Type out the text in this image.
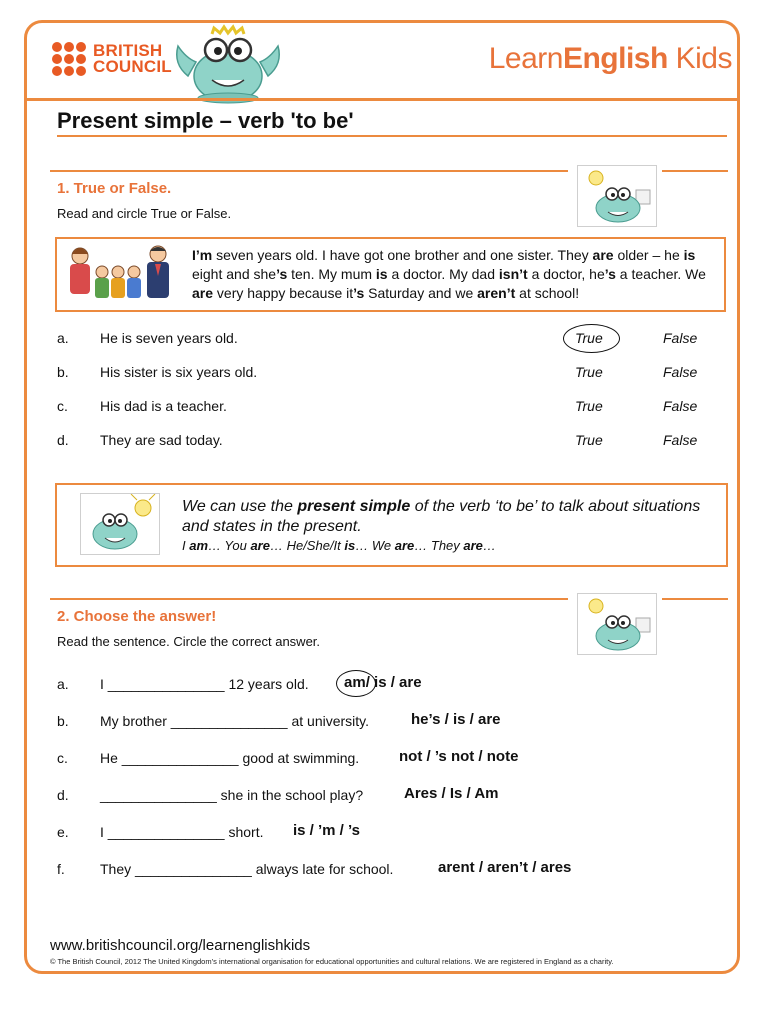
BRITISH
COUNCIL	LearnEnglish Kids
Present simple – verb 'to be'
1. True or False.
Read and circle True or False.
I’m seven years old. I have got one brother and one sister. They are older – he is eight and she’s ten. My mum is a doctor. My dad isn’t a doctor, he’s a teacher. We are very happy because it’s Saturday and we aren’t at school!
a. He is seven years old.	True	False
b. His sister is six years old.	True	False
c. His dad is a teacher.	True	False
d. They are sad today.	True	False
We can use the present simple of the verb ‘to be’ to talk about situations and states in the present.
I am… You are… He/She/It is… We are… They are…
2. Choose the answer!
Read the sentence. Circle the correct answer.
a. I _______________ 12 years old. am/ is / are
b. My brother _______________ at university.	he’s / is / are
c. He _______________ good at swimming.	not / ’s not / note
d. _______________ she in the school play?	Ares / Is / Am
e. I _______________ short. is / ’m / ’s
f.	They _______________ always late for school.	arent / aren’t / ares
www.britishcouncil.org/learnenglishkids
© The British Council, 2012 The United Kingdom’s international organisation for educational opportunities and cultural relations. We are registered in England as a charity.
